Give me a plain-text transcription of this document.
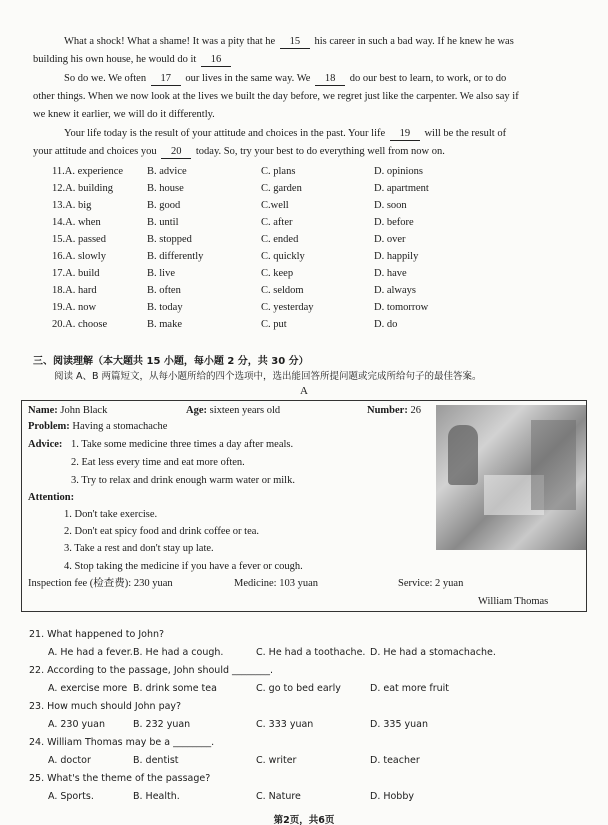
What a shock! What a shame! It was a pity that he 15 his career in such a bad way. If he knew he was
building his own house, he would do it 16
So do we. We often 17 our lives in the same way. We 18 do our best to learn, to work, or to do
other things. When we now look at the lives we built the day before, we regret just like the carpenter. We also say if
we knew it earlier, we will do it differently.
Your life today is the result of your attitude and choices in the past. Your life 19 will be the result of
your attitude and choices you 20 today. So, try your best to do everything well from now on.
11.A. experience B. advice	C. plans	D. opinions
12.A. building	B. house	C. garden	D. apartment
13.A. big	B. good	C.well	D. soon
14.A. when	B. until	C. after	D. before
15.A. passed	B. stopped	C. ended	D. over
16.A. slowly	B. differently	C. quickly	D. happily
17.A. build	B. live	C. keep	D. have
18.A. hard	B. often	C. seldom	D. always
19.A. now	B. today	C. yesterday	D. tomorrow
20.A. choose	B. make	C. put	D. do
三、阅读理解（本大题共 15 小题，每小题 2 分，共 30 分）
阅读 A、B 两篇短文，从每小题所给的四个选项中，选出能回答所提问题或完成所给句子的最佳答案。
A
Name: John Black	Age: sixteen years old	Number: 26
Problem: Having a stomachache
Advice: 1. Take some medicine three times a day after meals.
2. Eat less every time and eat more often.
3. Try to relax and drink enough warm water or milk.
Attention:
1. Don't take exercise.
2. Don't eat spicy food and drink coffee or tea.
3. Take a rest and don't stay up late.
4. Stop taking the medicine if you have a fever or cough.
Inspection fee (检查费): 230 yuan	Medicine: 103 yuan	Service: 2 yuan
William Thomas
21. What happened to John?
A. He had a fever. B. He had a cough.	C. He had a toothache. D. He had a stomachache.
22. According to the passage, John should ________.
A. exercise more B. drink some tea	C. go to bed early	D. eat more fruit
23. How much should John pay?
A. 230 yuan	B. 232 yuan	C. 333 yuan	D. 335 yuan
24. William Thomas may be a ________.
A. doctor	B. dentist	C. writer	D. teacher
25. What's the theme of the passage?
A. Sports.	B. Health.	C. Nature	D. Hobby
第2页，共6页
